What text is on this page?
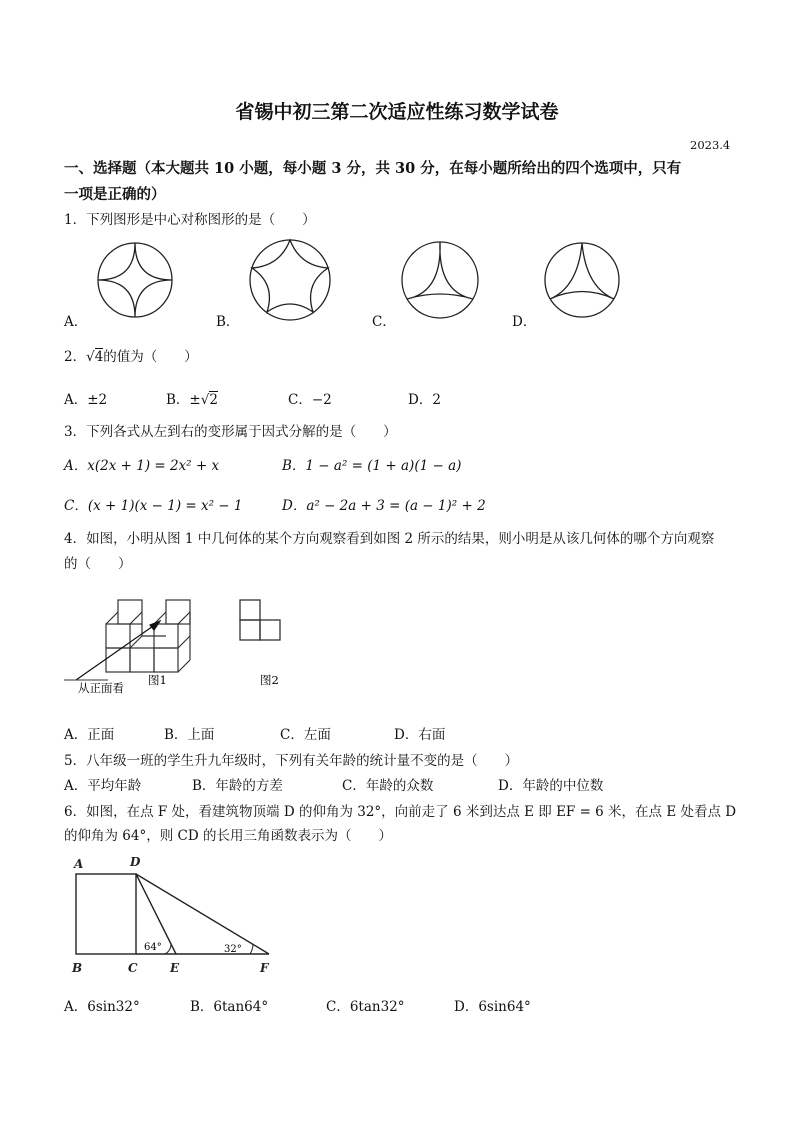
省锡中初三第二次适应性练习数学试卷
2023.4
一、选择题（本大题共 10 小题，每小题 3 分，共 30 分，在每小题所给出的四个选项中，只有
一项是正确的）
1．下列图形是中心对称图形的是（　　）
A．	B．	C．	D．
2．√4的值为（　　）
A．±2	B．±√2	C．−2	D．2
3．下列各式从左到右的变形属于因式分解的是（　　）
A．x(2x + 1) = 2x² + x	B．1 − a² = (1 + a)(1 − a)
C．(x + 1)(x − 1) = x² − 1	D．a² − 2a + 3 = (a − 1)² + 2
4．如图，小明从图 1 中几何体的某个方向观察看到如图 2 所示的结果，则小明是从该几何体的哪个方向观察
的（　　）
从正面看
图1	图2
A．正面	B．上面	C．左面	D．右面
5．八年级一班的学生升九年级时，下列有关年龄的统计量不变的是（　　）
A．平均年龄	B．年龄的方差	C．年龄的众数	D．年龄的中位数
6．如图，在点 F 处，看建筑物顶端 D 的仰角为 32°，向前走了 6 米到达点 E 即 EF = 6 米，在点 E 处看点 D
的仰角为 64°，则 CD 的长用三角函数表示为（　　）
A	D
B	C	E	F
64°	32°
A．6sin32°	B．6tan64°	C．6tan32°	D．6sin64°
